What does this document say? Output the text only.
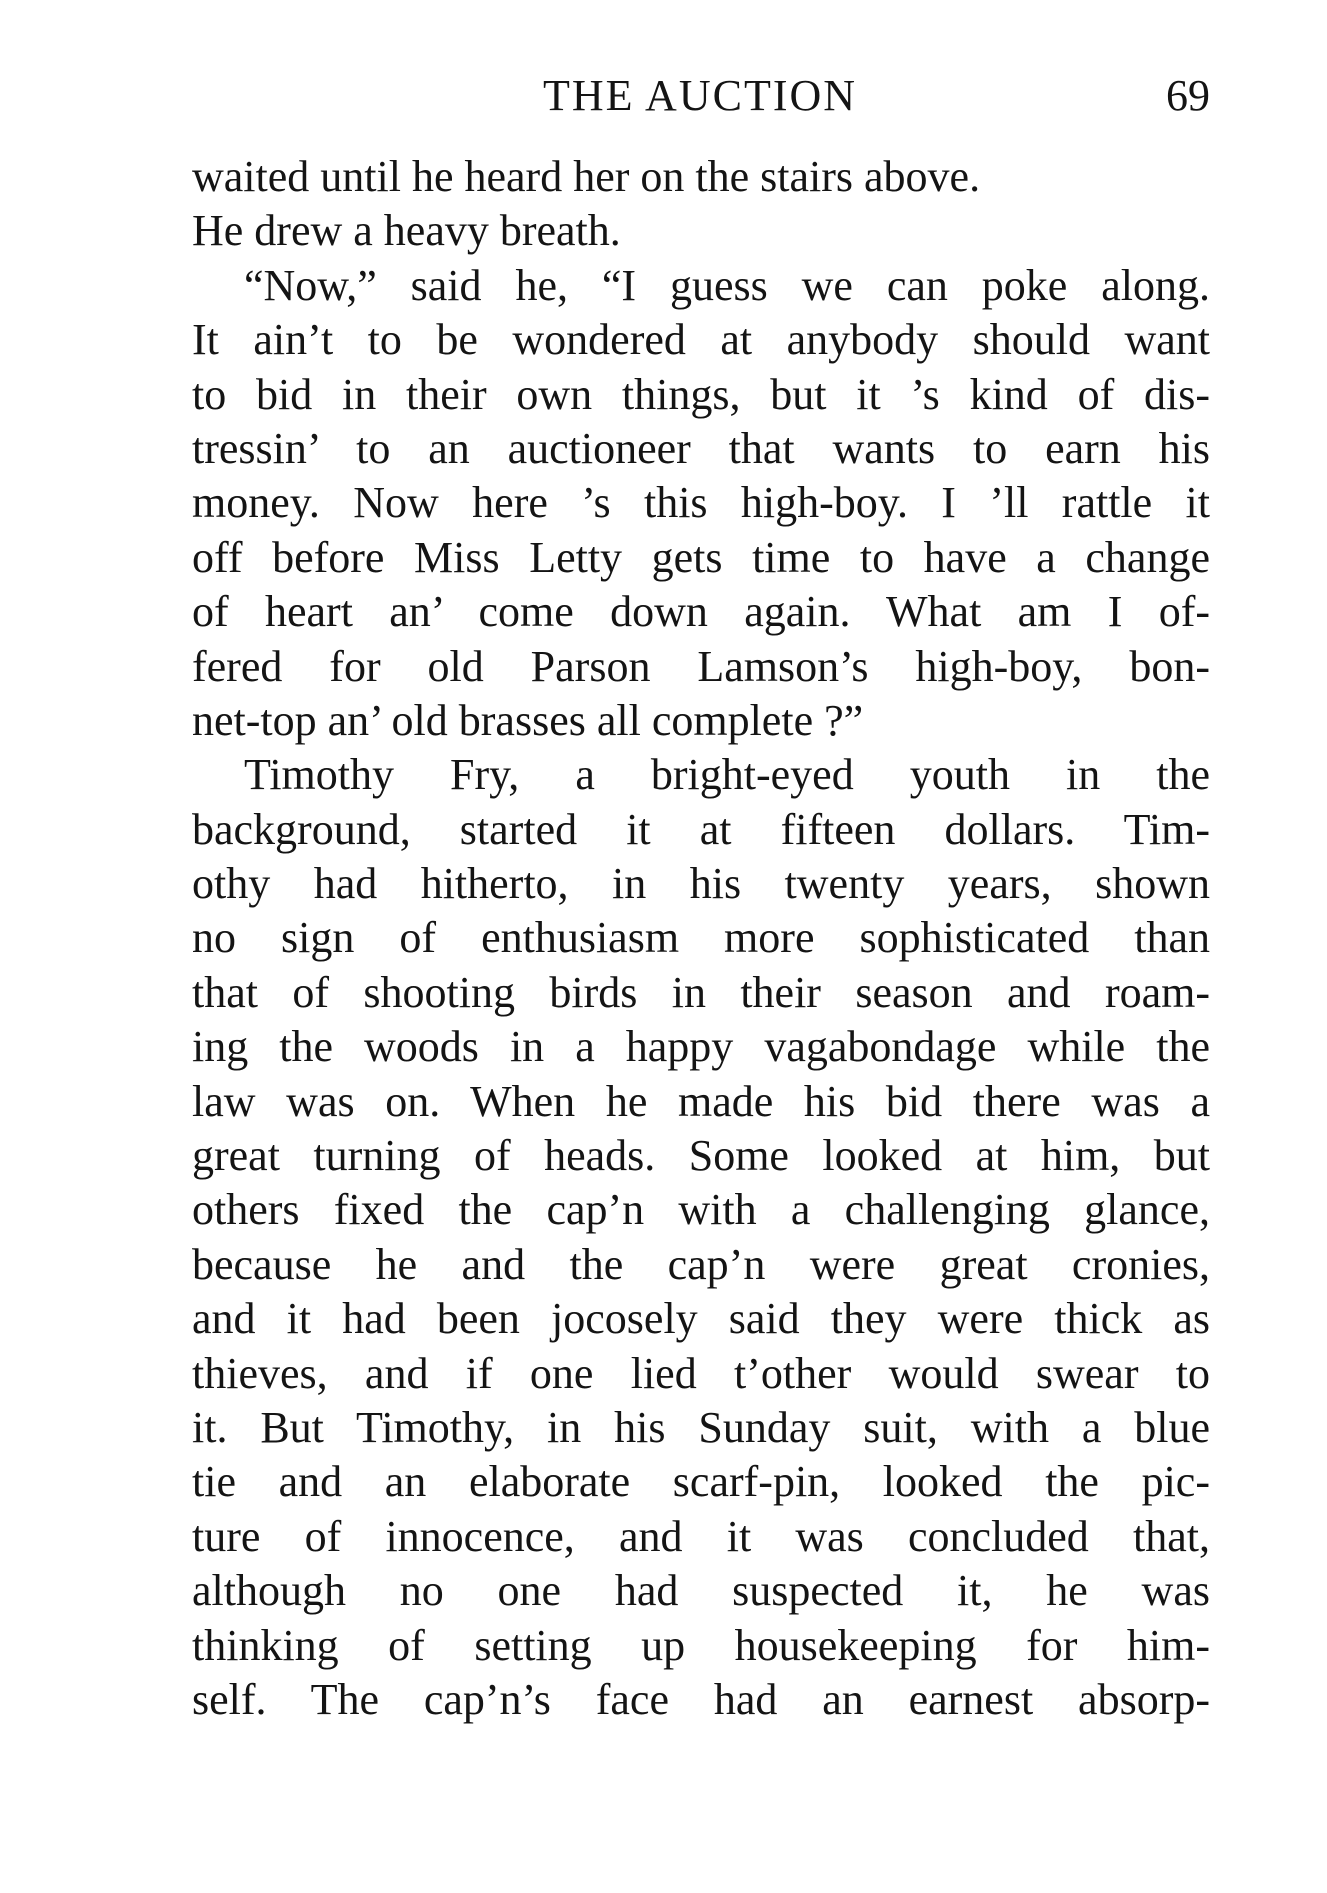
THE AUCTION	69
waited until he heard her on the stairs above.
He drew a heavy breath.
“Now,” said he, “I guess we can poke along.
It ain’t to be wondered at anybody should want
to bid in their own things, but it ’s kind of dis-
tressin’ to an auctioneer that wants to earn his
money. Now here ’s this high-boy. I ’ll rattle it
off before Miss Letty gets time to have a change
of heart an’ come down again. What am I of-
fered for old Parson Lamson’s high-boy, bon-
net-top an’ old brasses all complete ?”
Timothy Fry, a bright-eyed youth in the
background, started it at fifteen dollars. Tim-
othy had hitherto, in his twenty years, shown
no sign of enthusiasm more sophisticated than
that of shooting birds in their season and roam-
ing the woods in a happy vagabondage while the
law was on. When he made his bid there was a
great turning of heads. Some looked at him, but
others fixed the cap’n with a challenging glance,
because he and the cap’n were great cronies,
and it had been jocosely said they were thick as
thieves, and if one lied t’other would swear to
it. But Timothy, in his Sunday suit, with a blue
tie and an elaborate scarf-pin, looked the pic-
ture of innocence, and it was concluded that,
although no one had suspected it, he was
thinking of setting up housekeeping for him-
self. The cap’n’s face had an earnest absorp-
